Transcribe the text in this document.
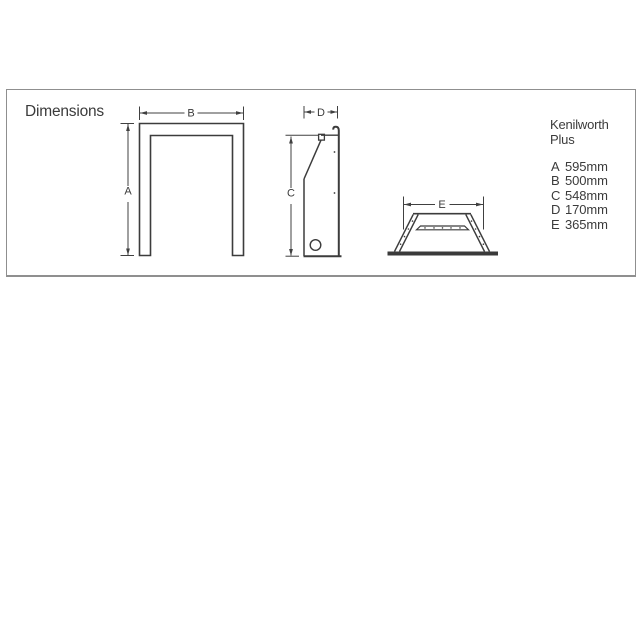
Dimensions	B
A
D
C
E
Kenilworth
Plus
A 595mm
B 500mm
C 548mm
D 170mm
E 365mm
